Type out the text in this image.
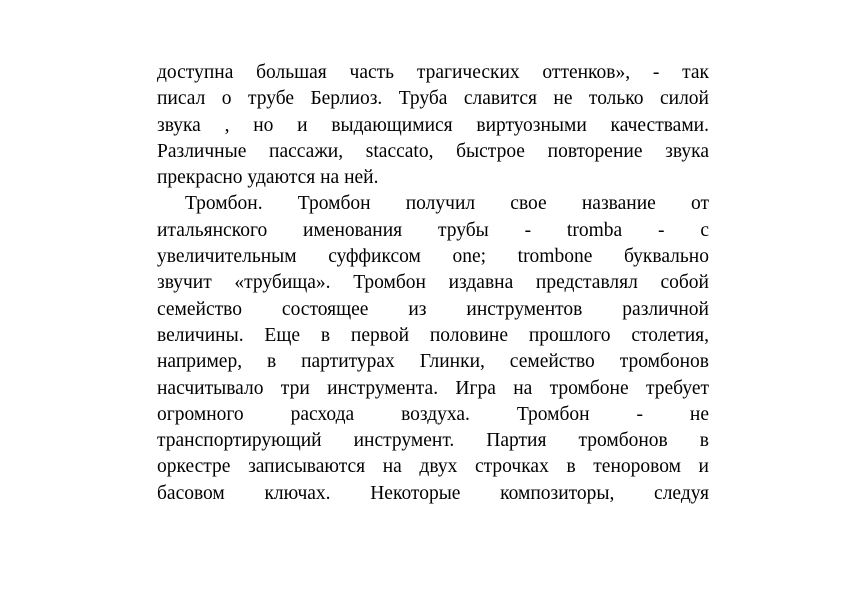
доступна большая часть трагических оттенков», - так
писал о трубе Берлиоз. Труба славится не только силой
звука , но и выдающимися виртуозными качествами.
Различные пассажи, staccato, быстрое повторение звука
прекрасно удаются на ней.
Тромбон. Тромбон получил свое название от
итальянского именования трубы - tromba - с
увеличительным суффиксом one; trombone буквально
звучит «трубища». Тромбон издавна представлял собой
семейство состоящее из инструментов различной
величины. Еще в первой половине прошлого столетия,
например, в партитурах Глинки, семейство тромбонов
насчитывало три инструмента. Игра на тромбоне требует
огромного расхода воздуха. Тромбон - не
транспортирующий инструмент. Партия тромбонов в
оркестре записываются на двух строчках в теноровом и
басовом ключах. Некоторые композиторы, следуя
